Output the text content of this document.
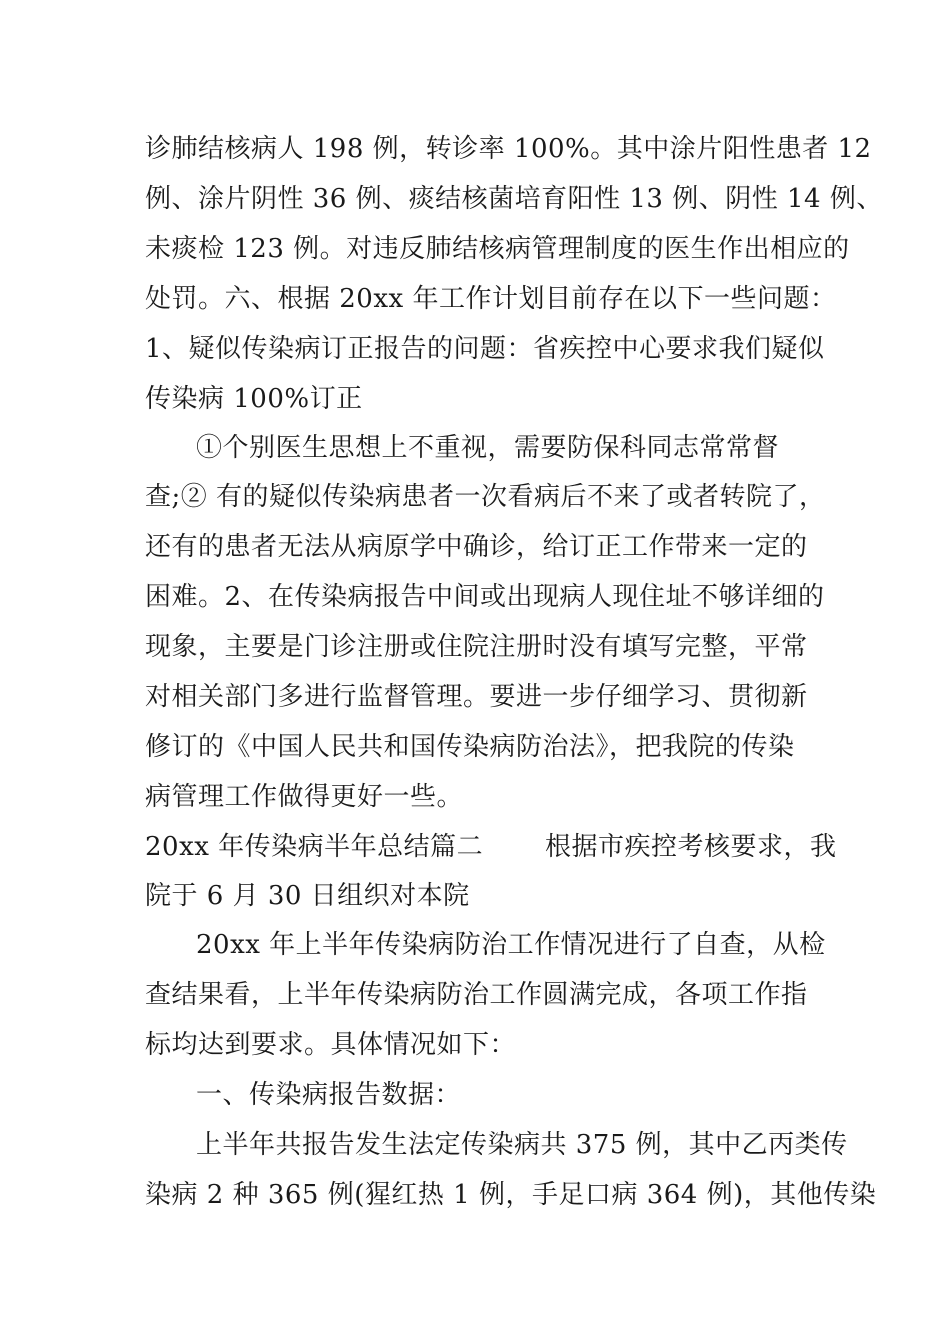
诊肺结核病人 198 例，转诊率 100%。其中涂片阳性患者 12
例、涂片阴性 36 例、痰结核菌培育阳性 13 例、阴性 14 例、
未痰检 123 例。对违反肺结核病管理制度的医生作出相应的
处罚。六、根据 20xx 年工作计划目前存在以下一些问题：
1、疑似传染病订正报告的问题：省疾控中心要求我们疑似
传染病 100%订正
①个别医生思想上不重视，需要防保科同志常常督
查;② 有的疑似传染病患者一次看病后不来了或者转院了，
还有的患者无法从病原学中确诊，给订正工作带来一定的
困难。2、在传染病报告中间或出现病人现住址不够详细的
现象，主要是门诊注册或住院注册时没有填写完整，平常
对相关部门多进行监督管理。要进一步仔细学习、贯彻新
修订的《中国人民共和国传染病防治法》，把我院的传染
病管理工作做得更好一些。
20xx 年传染病半年总结篇二　　 根据市疾控考核要求，我
院于 6 月 30 日组织对本院
20xx 年上半年传染病防治工作情况进行了自查，从检
查结果看，上半年传染病防治工作圆满完成，各项工作指
标均达到要求。具体情况如下：
一、传染病报告数据：
上半年共报告发生法定传染病共 375 例，其中乙丙类传
染病 2 种 365 例(猩红热 1 例，手足口病 364 例)，其他传染
